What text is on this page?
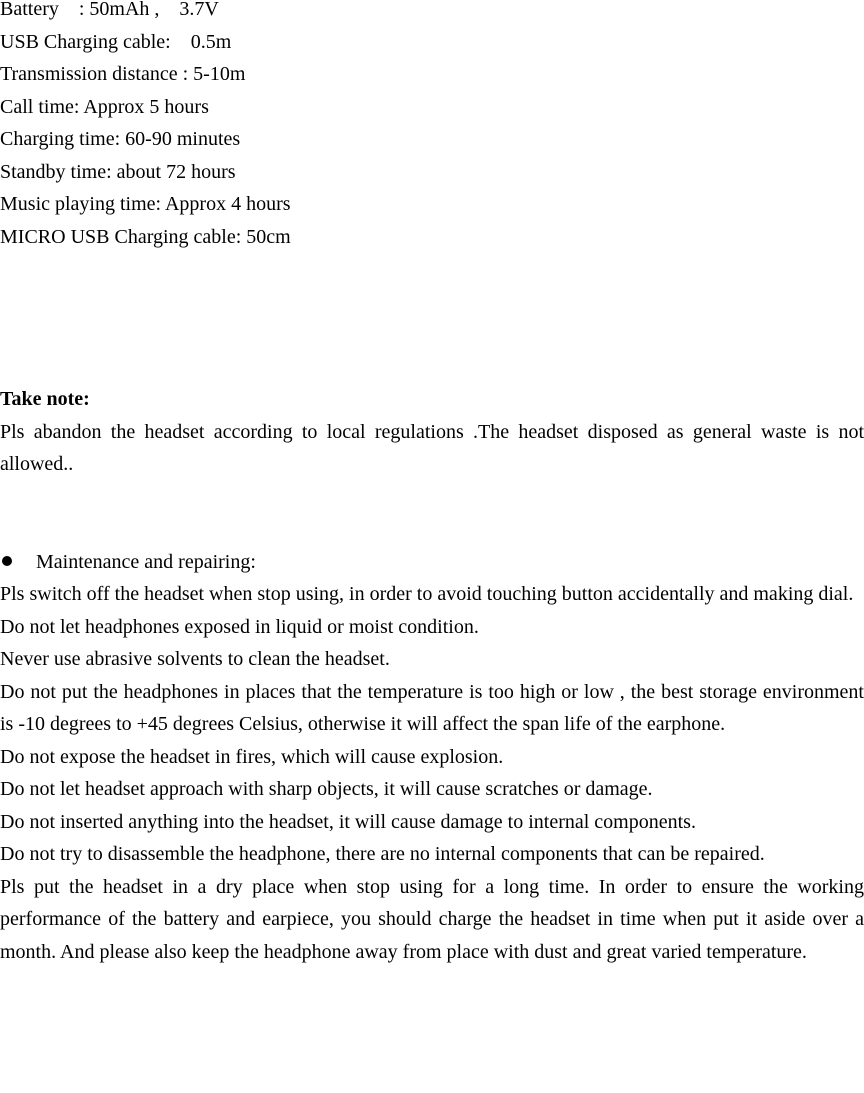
Battery    : 50mAh ,    3.7V

USB Charging cable:    0.5m

Transmission distance : 5-10m

Call time: Approx 5 hours

Charging time: 60-90 minutes

Standby time: about 72 hours

Music playing time: Approx 4 hours

MICRO USB Charging cable: 50cm

Take note:

Pls abandon the headset according to local regulations .The headset disposed as general waste is not allowed..

Maintenance and repairing:

Pls switch off the headset when stop using, in order to avoid touching button accidentally and making dial.

Do not let headphones exposed in liquid or moist condition.

Never use abrasive solvents to clean the headset.

Do not put the headphones in places that the temperature is too high or low , the best storage environment is -10 degrees to +45 degrees Celsius, otherwise it will affect the span life of the earphone.

Do not expose the headset in fires, which will cause explosion.

Do not let headset approach with sharp objects, it will cause scratches or damage.

Do not inserted anything into the headset, it will cause damage to internal components.

Do not try to disassemble the headphone, there are no internal components that can be repaired.

Pls put the headset in a dry place when stop using for a long time. In order to ensure the working performance of the battery and earpiece, you should charge the headset in time when put it aside over a month. And please also keep the headphone away from place with dust and great varied temperature.
